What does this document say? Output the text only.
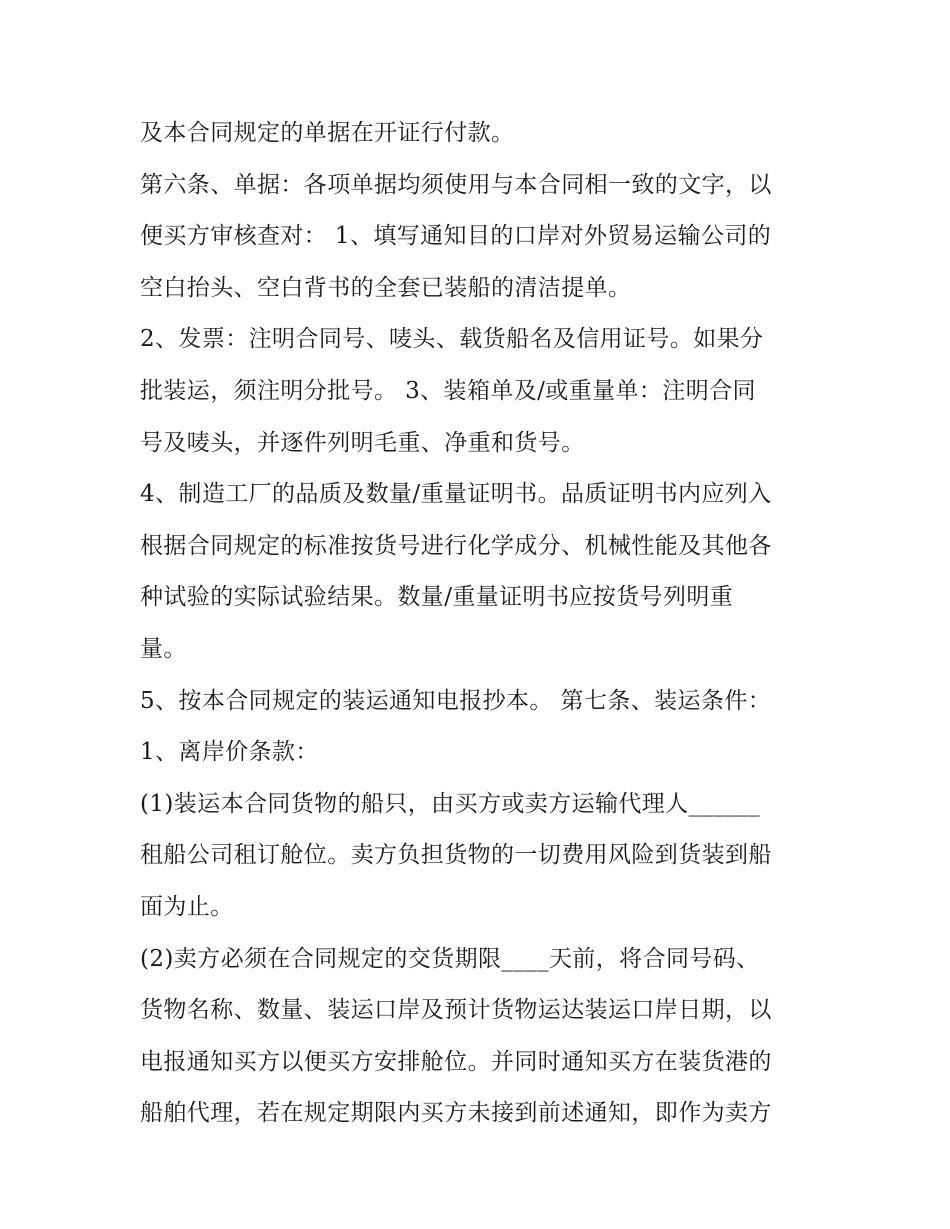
及本合同规定的单据在开证行付款。
第六条、单据：各项单据均须使用与本合同相一致的文字，以
便买方审核查对： 1、填写通知目的口岸对外贸易运输公司的
空白抬头、空白背书的全套已装船的清洁提单。
2、发票：注明合同号、唛头、载货船名及信用证号。如果分
批装运，须注明分批号。 3、装箱单及/或重量单：注明合同
号及唛头，并逐件列明毛重、净重和货号。
4、制造工厂的品质及数量/重量证明书。品质证明书内应列入
根据合同规定的标准按货号进行化学成分、机械性能及其他各
种试验的实际试验结果。数量/重量证明书应按货号列明重
量。
5、按本合同规定的装运通知电报抄本。 第七条、装运条件：
1、离岸价条款：
(1)装运本合同货物的船只，由买方或卖方运输代理人______
租船公司租订舱位。卖方负担货物的一切费用风险到货装到船
面为止。
(2)卖方必须在合同规定的交货期限____天前，将合同号码、
货物名称、数量、装运口岸及预计货物运达装运口岸日期，以
电报通知买方以便买方安排舱位。并同时通知买方在装货港的
船舶代理，若在规定期限内买方未接到前述通知，即作为卖方
